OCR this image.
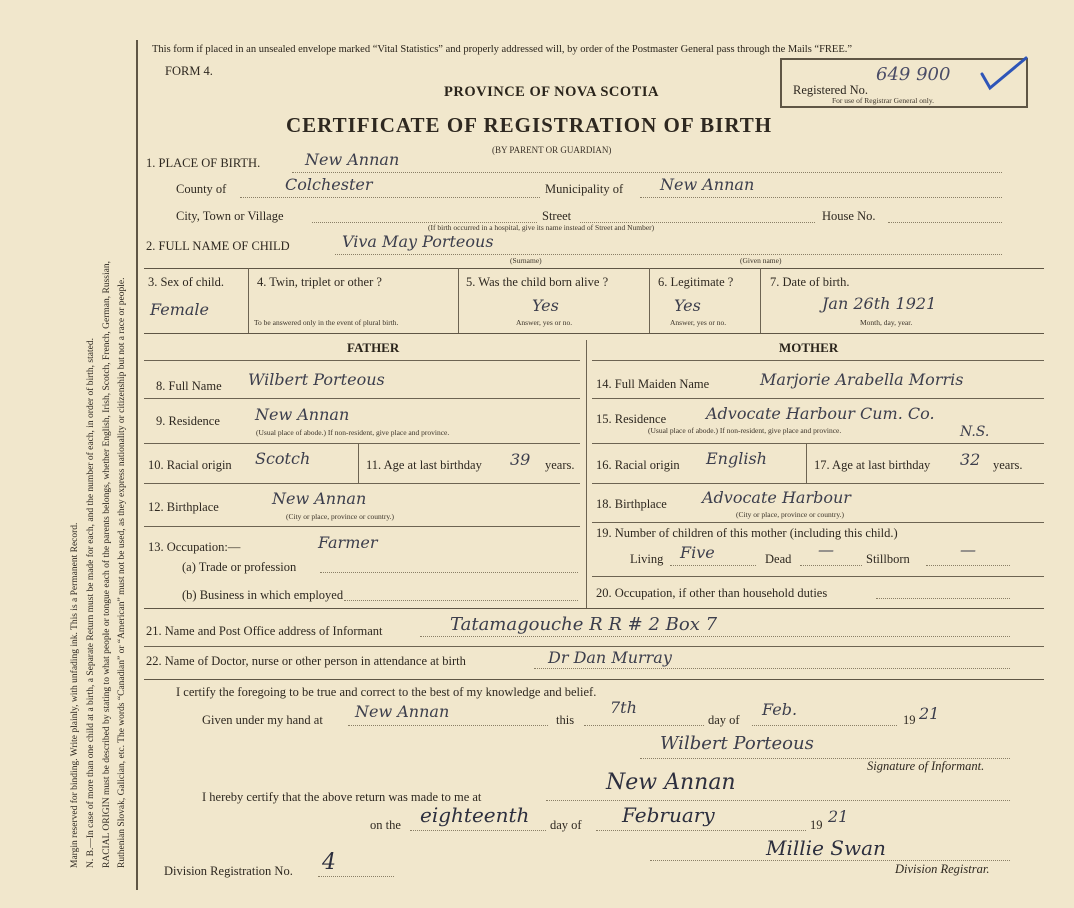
Margin reserved for binding. Write plainly, with unfading ink. This is a Permanent Record. N. B.—In case of more than one child at a birth, a Separate Return must be made for each, and the number of each, in order of birth, stated. RACIAL ORIGIN must be described by stating to what people or tongue each of the parents belongs, whether English, Irish, Scotch, French, German, Russian, Ruthenian Slovak, Galician, etc. The words “Canadian” or “American” must not be used, as they express nationality or citizenship but not a race or people.
This form if placed in an unsealed envelope marked “Vital Statistics” and properly addressed will, by order of the Postmaster General pass through the Mails “FREE.”
FORM 4.
PROVINCE OF NOVA SCOTIA
CERTIFICATE OF REGISTRATION OF BIRTH
(BY PARENT OR GUARDIAN)
Registered No.
649 900
For use of Registrar General only.
1. PLACE OF BIRTH.	New Annan
County of	Colchester	Municipality of New Annan
City, Town or Village	Street	House No.
(If birth occurred in a hospital, give its name instead of Street and Number)
2. FULL NAME OF CHILD	Viva May Porteous
(Surname)	(Given name)
3. Sex of child.
Female
4. Twin, triplet or other ?
To be answered only in the event of plural birth.
5. Was the child born alive ?
Yes
Answer, yes or no.
6. Legitimate ?
Yes
Answer, yes or no.
7. Date of birth.
Jan 26th 1921
Month, day, year.
FATHER	MOTHER
8. Full Name Wilbert Porteous
9. Residence New Annan
(Usual place of abode.) If non-resident, give place and province.
10. Racial origin Scotch	11. Age at last birthday 39 years.
12. Birthplace	New Annan
(City or place, province or country.)
13. Occupation:—	Farmer
(a) Trade or profession
(b) Business in which employed
14. Full Maiden Name	Marjorie Arabella Morris
15. Residence Advocate Harbour Cum. Co.
N.S.
(Usual place of abode.) If non-resident, give place and province.
16. Racial origin English	17. Age at last birthday 32 years.
18. Birthplace Advocate Harbour
(City or place, province or country.)
19. Number of children of this mother (including this child.)
Living Five	Dead —	Stillborn	—
20. Occupation, if other than household duties
21. Name and Post Office address of Informant	Tatamagouche R R # 2 Box 7
22. Name of Doctor, nurse or other person in attendance at birth	Dr Dan Murray
I certify the foregoing to be true and correct to the best of my knowledge and belief.
Given under my hand at New Annan	this
7th
day of
Feb.
19 21
Wilbert Porteous
Signature of Informant.
I hereby certify that the above return was made to me at
New Annan
on the eighteenth day of February	19 21
Millie Swan
Division Registration No. 4	Division Registrar.
